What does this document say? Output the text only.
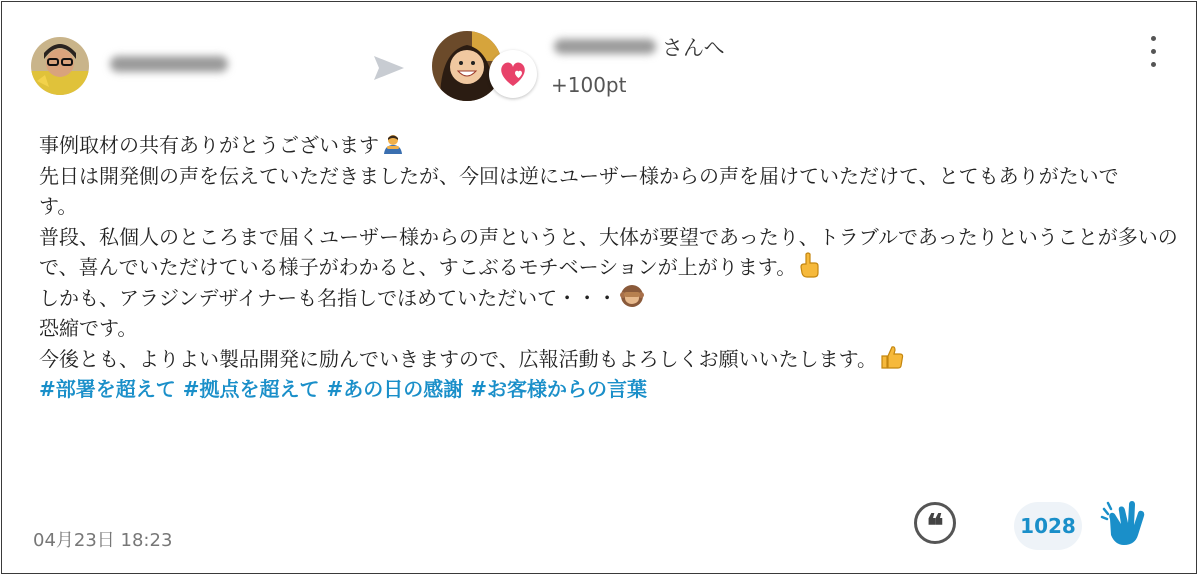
さんへ
+100pt

事例取材の共有ありがとうございます

先日は開発側の声を伝えていただきましたが、今回は逆にユーザー様からの声を届けていただけて、とてもありがたいで

す。

普段、私個人のところまで届くユーザー様からの声というと、大体が要望であったり、トラブルであったりということが多いの

で、喜んでいただけている様子がわかると、すこぶるモチベーションが上がります。

しかも、アラジンデザイナーも名指しでほめていただいて・・・

恐縮です。

今後とも、よりよい製品開発に励んでいきますので、広報活動もよろしくお願いいたします。

#部署を超えて #拠点を超えて #あの日の感謝 #お客様からの言葉

04月23日 18:23	❝	1028
